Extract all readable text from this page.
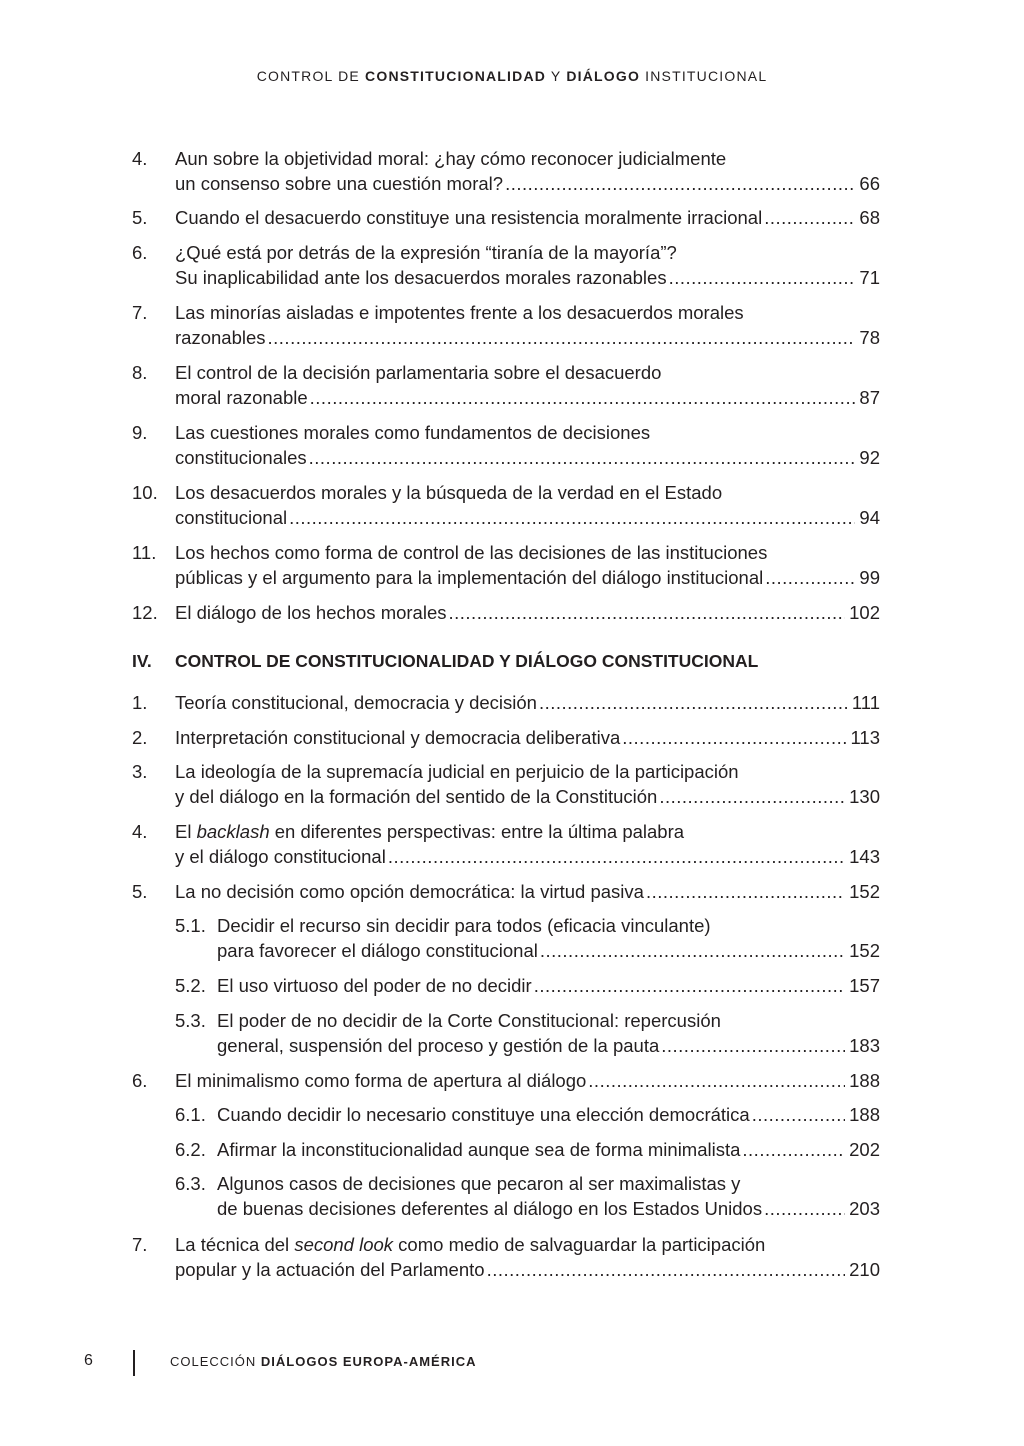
CONTROL DE CONSTITUCIONALIDAD Y DIÁLOGO INSTITUCIONAL
4. Aun sobre la objetividad moral: ¿hay cómo reconocer judicialmente
un consenso sobre una cuestión moral? .....	66
5. Cuando el desacuerdo constituye una resistencia moralmente irracional .....	68
6. ¿Qué está por detrás de la expresión “tiranía de la mayoría”?
Su inaplicabilidad ante los desacuerdos morales razonables .....	71
7. Las minorías aisladas e impotentes frente a los desacuerdos morales
razonables .....	78
8. El control de la decisión parlamentaria sobre el desacuerdo
moral razonable .....	87
9. Las cuestiones morales como fundamentos de decisiones
constitucionales .....	92
10. Los desacuerdos morales y la búsqueda de la verdad en el Estado
constitucional .....	94
11. Los hechos como forma de control de las decisiones de las instituciones
públicas y el argumento para la implementación del diálogo institucional .....	99
12. El diálogo de los hechos morales .....	102
IV. CONTROL DE CONSTITUCIONALIDAD Y DIÁLOGO CONSTITUCIONAL
1. Teoría constitucional, democracia y decisión .....	111
2. Interpretación constitucional y democracia deliberativa .....	113
3. La ideología de la supremacía judicial en perjuicio de la participación
y del diálogo en la formación del sentido de la Constitución .....	130
4. El backlash en diferentes perspectivas: entre la última palabra
y el diálogo constitucional .....	143
5. La no decisión como opción democrática: la virtud pasiva .....	152
5.1. Decidir el recurso sin decidir para todos (eficacia vinculante)
para favorecer el diálogo constitucional .....	152
5.2. El uso virtuoso del poder de no decidir .....	157
5.3. El poder de no decidir de la Corte Constitucional: repercusión
general, suspensión del proceso y gestión de la pauta .....	183
6. El minimalismo como forma de apertura al diálogo .....	188
6.1. Cuando decidir lo necesario constituye una elección democrática .....	188
6.2. Afirmar la inconstitucionalidad aunque sea de forma minimalista .....	202
6.3. Algunos casos de decisiones que pecaron al ser maximalistas y
de buenas decisiones deferentes al diálogo en los Estados Unidos .....	203
7. La técnica del second look como medio de salvaguardar la participación
popular y la actuación del Parlamento .....	210
6	COLECCIÓN DIÁLOGOS EUROPA-AMÉRICA
